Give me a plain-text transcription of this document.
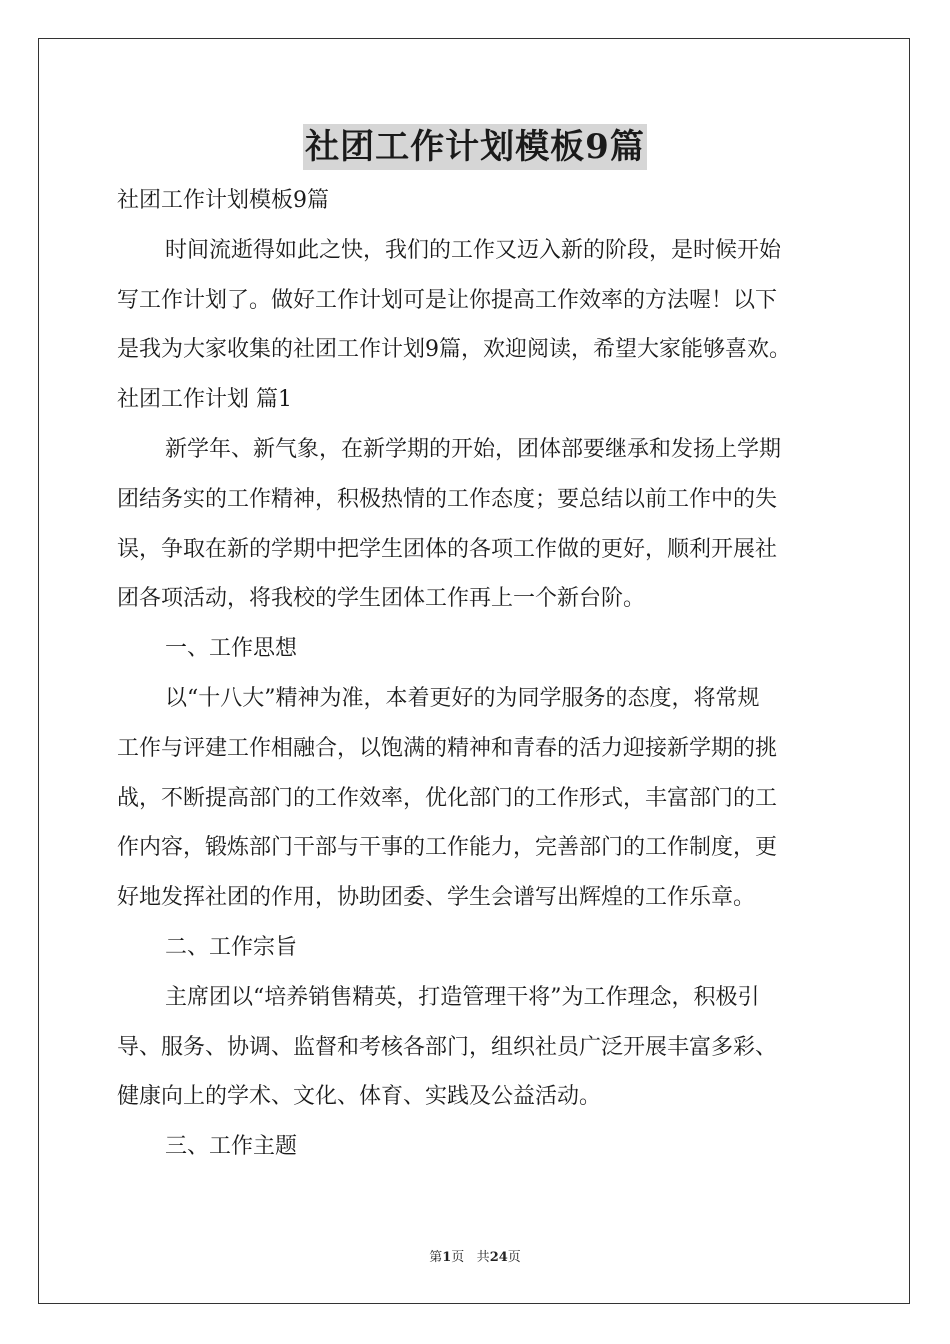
社团工作计划模板9篇
社团工作计划模板9篇
时间流逝得如此之快，我们的工作又迈入新的阶段，是时候开始
写工作计划了。做好工作计划可是让你提高工作效率的方法喔！以下
是我为大家收集的社团工作计划9篇，欢迎阅读，希望大家能够喜欢。
社团工作计划 篇1
新学年、新气象，在新学期的开始，团体部要继承和发扬上学期
团结务实的工作精神，积极热情的工作态度；要总结以前工作中的失
误，争取在新的学期中把学生团体的各项工作做的更好，顺利开展社
团各项活动，将我校的学生团体工作再上一个新台阶。
一、工作思想
以“十八大”精神为准，本着更好的为同学服务的态度，将常规
工作与评建工作相融合，以饱满的精神和青春的活力迎接新学期的挑
战，不断提高部门的工作效率，优化部门的工作形式，丰富部门的工
作内容，锻炼部门干部与干事的工作能力，完善部门的工作制度，更
好地发挥社团的作用，协助团委、学生会谱写出辉煌的工作乐章。
二、工作宗旨
主席团以“培养销售精英，打造管理干将”为工作理念，积极引
导、服务、协调、监督和考核各部门，组织社员广泛开展丰富多彩、
健康向上的学术、文化、体育、实践及公益活动。
三、工作主题
第1页 共24页
